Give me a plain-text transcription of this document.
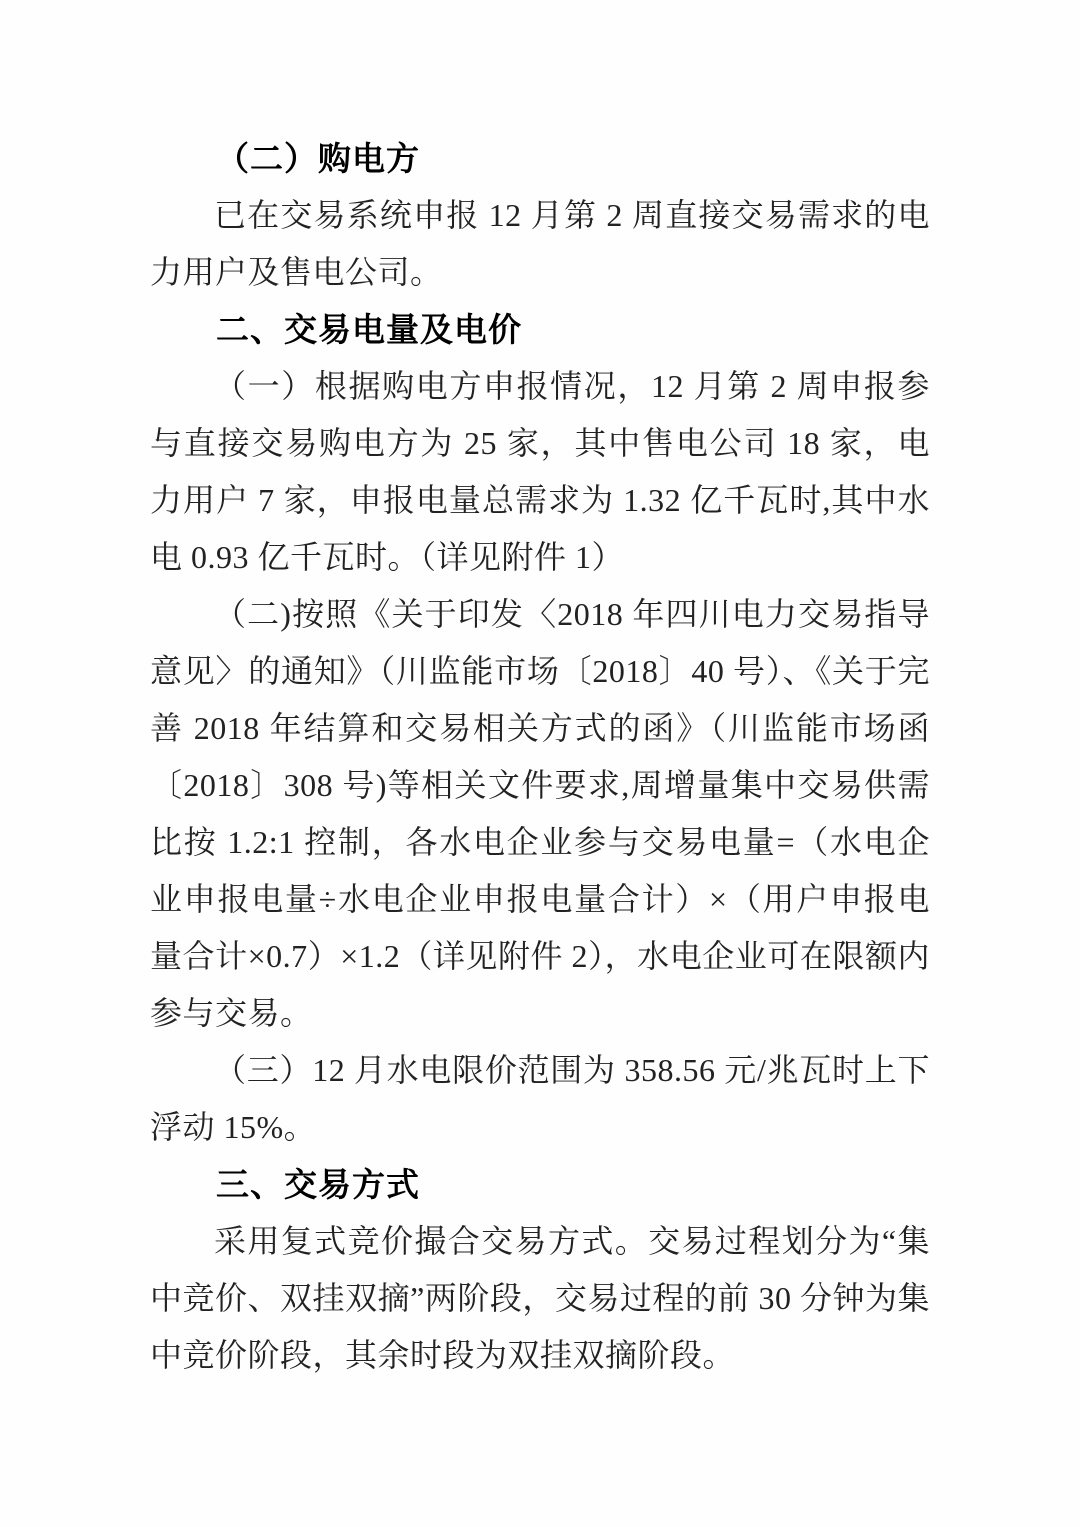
（二）购电方

已在交易系统申报 12 月第 2 周直接交易需求的电力用户及售电公司。

二、交易电量及电价

（一）根据购电方申报情况，12 月第 2 周申报参与直接交易购电方为 25 家，其中售电公司 18 家，电力用户 7 家，申报电量总需求为 1.32 亿千瓦时,其中水电 0.93 亿千瓦时。（详见附件 1）

（二)按照《关于印发〈2018 年四川电力交易指导意见〉的通知》（川监能市场〔2018〕40 号）、《关于完善 2018 年结算和交易相关方式的函》（川监能市场函〔2018〕308 号)等相关文件要求,周增量集中交易供需比按 1.2:1 控制，各水电企业参与交易电量=（水电企业申报电量÷水电企业申报电量合计）×（用户申报电量合计×0.7）×1.2（详见附件 2），水电企业可在限额内参与交易。

（三）12 月水电限价范围为 358.56 元/兆瓦时上下浮动 15%。

三、交易方式

采用复式竞价撮合交易方式。交易过程划分为“集中竞价、双挂双摘”两阶段，交易过程的前 30 分钟为集中竞价阶段，其余时段为双挂双摘阶段。
